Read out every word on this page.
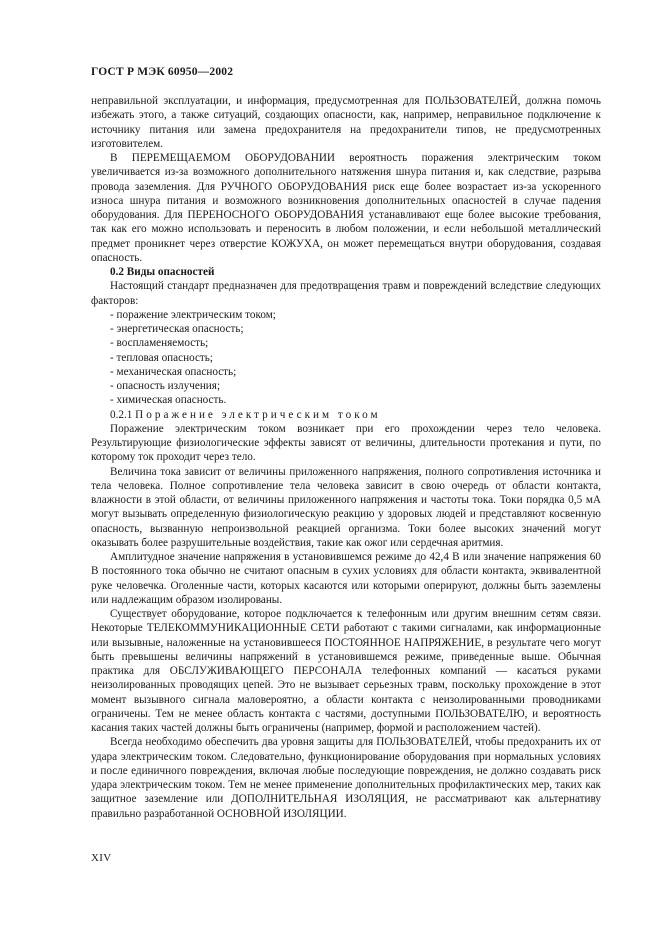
ГОСТ Р МЭК 60950—2002

неправильной эксплуатации, и информация, предусмотренная для ПОЛЬЗОВАТЕЛЕЙ, должна помочь избежать этого, а также ситуаций, создающих опасности, как, например, неправильное подключение к источнику питания или замена предохранителя на предохранители типов, не предусмотренных изготовителем.

В ПЕРЕМЕЩАЕМОМ ОБОРУДОВАНИИ вероятность поражения электрическим током увеличивается из-за возможного дополнительного натяжения шнура питания и, как следствие, разрыва провода заземления. Для РУЧНОГО ОБОРУДОВАНИЯ риск еще более возрастает из-за ускоренного износа шнура питания и возможного возникновения дополнительных опасностей в случае падения оборудования. Для ПЕРЕНОСНОГО ОБОРУДОВАНИЯ устанавливают еще более высокие требования, так как его можно использовать и переносить в любом положении, и если небольшой металлический предмет проникнет через отверстие КОЖУХА, он может перемещаться внутри оборудования, создавая опасность.

0.2 Виды опасностей

Настоящий стандарт предназначен для предотвращения травм и повреждений вследствие следующих факторов:

- поражение электрическим током;

- энергетическая опасность;

- воспламеняемость;

- тепловая опасность;

- механическая опасность;

- опасность излучения;

- химическая опасность.

0.2.1 Поражение электрическим током

Поражение электрическим током возникает при его прохождении через тело человека. Результирующие физиологические эффекты зависят от величины, длительности протекания и пути, по которому ток проходит через тело.

Величина тока зависит от величины приложенного напряжения, полного сопротивления источника и тела человека. Полное сопротивление тела человека зависит в свою очередь от области контакта, влажности в этой области, от величины приложенного напряжения и частоты тока. Токи порядка 0,5 мА могут вызывать определенную физиологическую реакцию у здоровых людей и представляют косвенную опасность, вызванную непроизвольной реакцией организма. Токи более высоких значений могут оказывать более разрушительные воздействия, такие как ожог или сердечная аритмия.

Амплитудное значение напряжения в установившемся режиме до 42,4 В или значение напряжения 60 В постоянного тока обычно не считают опасным в сухих условиях для области контакта, эквивалентной руке человечка. Оголенные части, которых касаются или которыми оперируют, должны быть заземлены или надлежащим образом изолированы.

Существует оборудование, которое подключается к телефонным или другим внешним сетям связи. Некоторые ТЕЛЕКОММУНИКАЦИОННЫЕ СЕТИ работают с такими сигналами, как информационные или вызывные, наложенные на установившееся ПОСТОЯННОЕ НАПРЯЖЕНИЕ, в результате чего могут быть превышены величины напряжений в установившемся режиме, приведенные выше. Обычная практика для ОБСЛУЖИВАЮЩЕГО ПЕРСОНАЛА телефонных компаний — касаться руками неизолированных проводящих цепей. Это не вызывает серьезных травм, поскольку прохождение в этот момент вызывного сигнала маловероятно, а области контакта с неизолированными проводниками ограничены. Тем не менее область контакта с частями, доступными ПОЛЬЗОВАТЕЛЮ, и вероятность касания таких частей должны быть ограничены (например, формой и расположением частей).

Всегда необходимо обеспечить два уровня защиты для ПОЛЬЗОВАТЕЛЕЙ, чтобы предохранить их от удара электрическим током. Следовательно, функционирование оборудования при нормальных условиях и после единичного повреждения, включая любые последующие повреждения, не должно создавать риск удара электрическим током. Тем не менее применение дополнительных профилактических мер, таких как защитное заземление или ДОПОЛНИТЕЛЬНАЯ ИЗОЛЯЦИЯ, не рассматривают как альтернативу правильно разработанной ОСНОВНОЙ ИЗОЛЯЦИИ.

XIV
